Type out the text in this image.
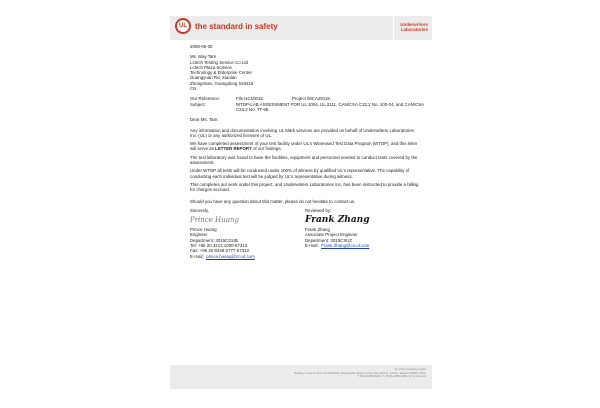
UL	the standard in safety	Underwriters
Laboratories
2008-06-30
Ms. May Tam
Lctech Testing Service Co Ltd
Lctech Plaza Science
Technology & Enterprise Center
Guangyuan Rd, Xiaolan
Zhongshan, Guangdong 528415
CN
Our Reference:	File NC10015	Project 08CA29119
Subject:	WTDP-LAB ASSESSMENT FOR UL 1004, UL 2111, CAN/CSA C22.2 No. 100-04, and CAN/CSA C22.2 No. 77-95.
Dear Ms. Tam:
Any information and documentation involving UL Mark services are provided on behalf of Underwriters Laboratories Inc. (UL) or any authorized licensee of UL.
We have completed assessment of your test facility under UL's Witnessed Test Data Program (WTDP), and this letter will serve as LETTER REPORT of our findings.
The test laboratory was found to have the facilities, equipment and personnel needed to conduct tests covered by the assessment.
Under WTDP all tests will be conducted under 100% of witness by qualified UL's representative. The capability of conducting each individual test will be judged by UL's representative during witness.
This completes our work under this project, and Underwriters Laboratories Inc. has been instructed to provide a billing for charges accrued.
Should you have any question about this matter, please do not hesitate to contact us.
Sincerely,
Prince Huang
Prince Huang
Engineer
Department: 3015CGUB
Tel: +86 20 3213 1000-67313
Fax: +86 20 8348 6777-67313
E-mail: prince.huang@cn.ul.com
Reviewed by:
Frank Zhang
Frank Zhang
Associate Project Engineer
Department: 3015CSUZ
E-mail: Frank.Zhang@cn.ul.com
UL-CCIC Company Limited
Building 3, New Hi-Tech Industrial Park, 98 Hengshan Road, Suzhou New District, Suzhou, Jiangsu 215009, China
T: 86.512.6808.6400 / F: 86.512.6808.4099 / W: ul-ccic.com
